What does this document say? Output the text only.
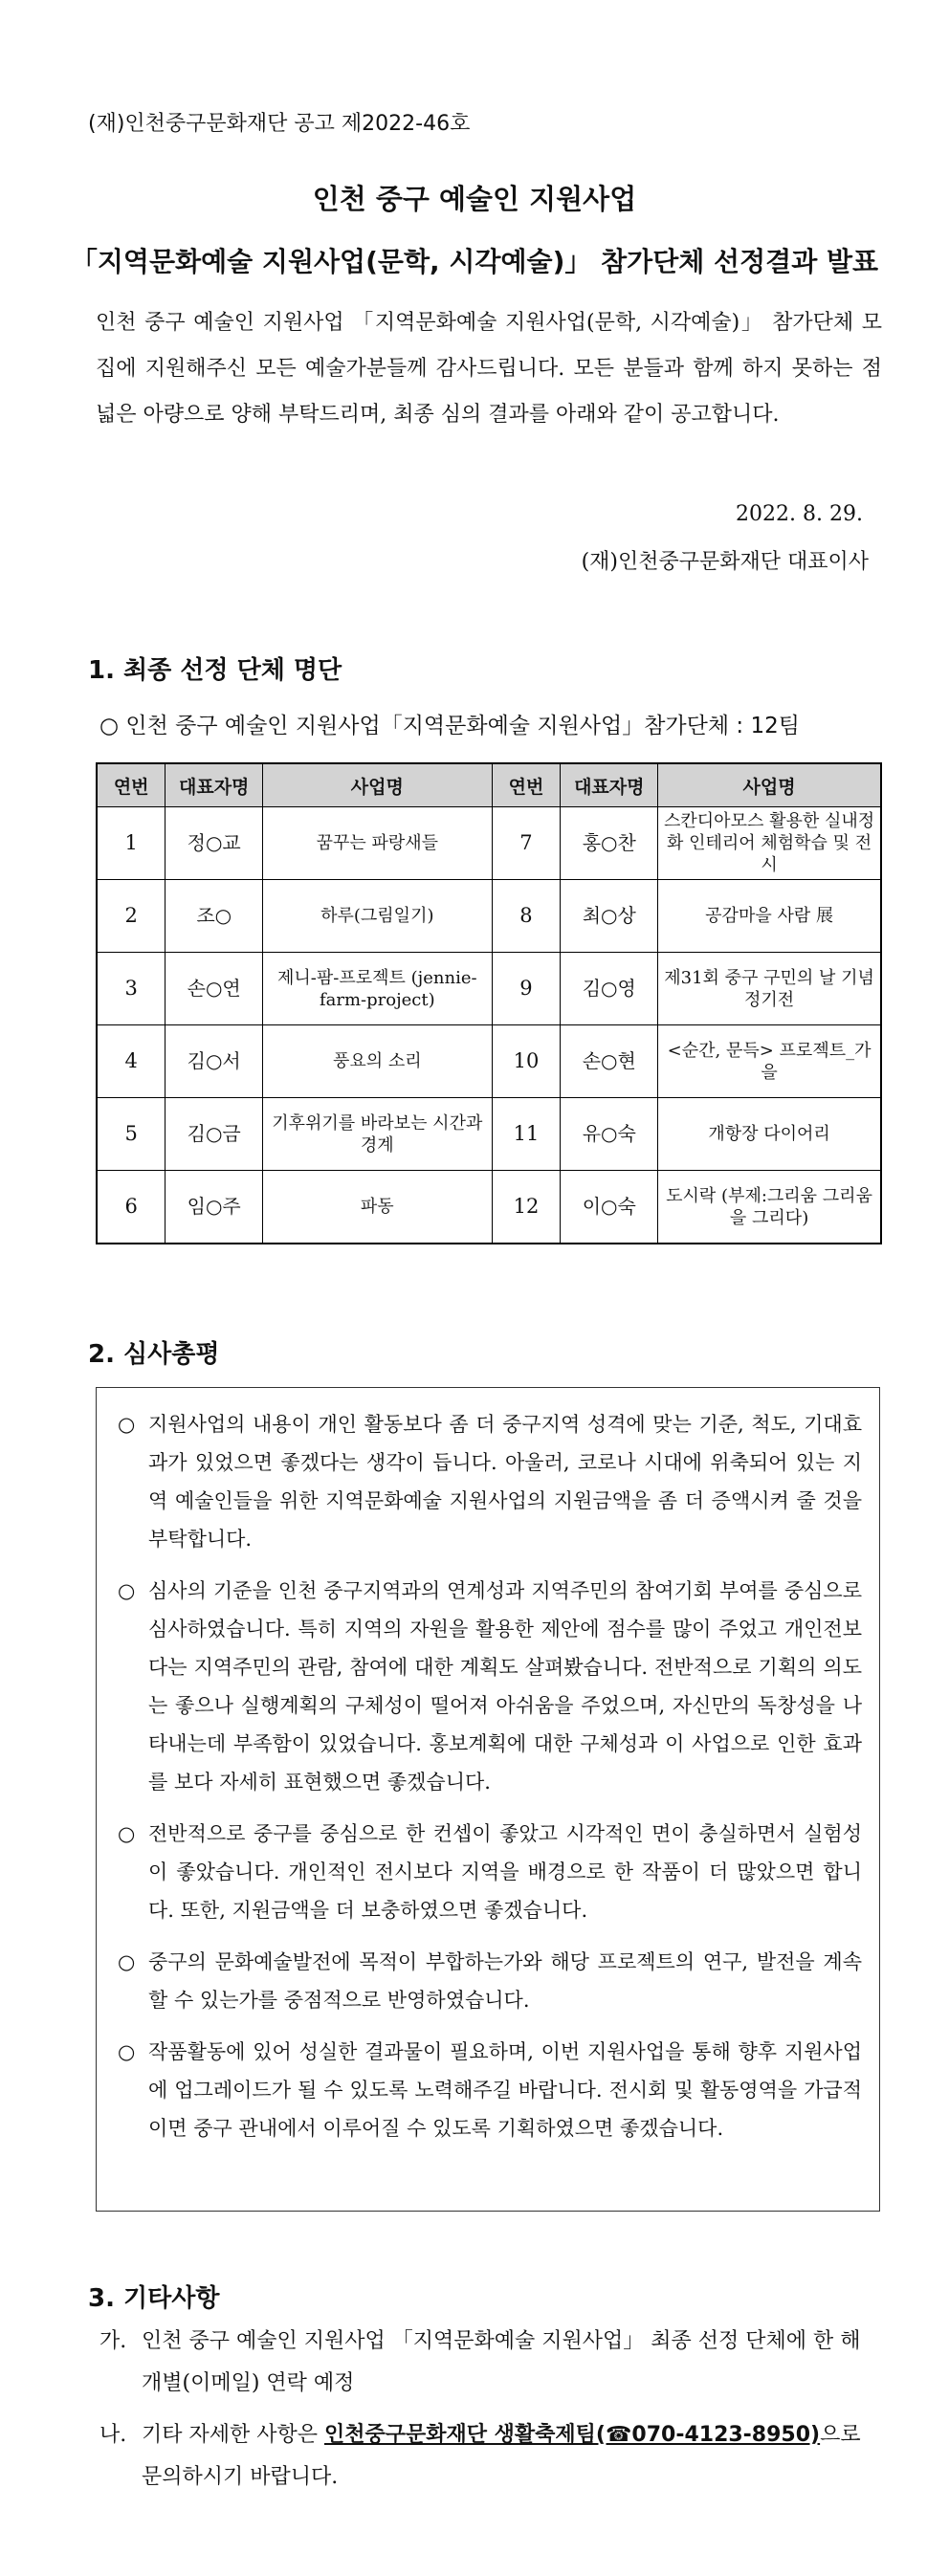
(재)인천중구문화재단 공고 제2022-46호
인천 중구 예술인 지원사업
「지역문화예술 지원사업(문학, 시각예술)」 참가단체 선정결과 발표
인천 중구 예술인 지원사업 「지역문화예술 지원사업(문학, 시각예술)」 참가단체 모집에 지원해주신 모든 예술가분들께 감사드립니다. 모든 분들과 함께 하지 못하는 점 넓은 아량으로 양해 부탁드리며, 최종 심의 결과를 아래와 같이 공고합니다.
2022. 8. 29.
(재)인천중구문화재단 대표이사
1. 최종 선정 단체 명단
○ 인천 중구 예술인 지원사업「지역문화예술 지원사업」참가단체 : 12팀
연번	대표자명	사업명	연번	대표자명	사업명
1	정○교	꿈꾸는 파랑새들	7	홍○찬	스칸디아모스 활용한 실내정화 인테리어 체험학습 및 전시
2	조○	하루(그림일기)	8	최○상	공감마을 사람 展
3	손○연	제니-팜-프로젝트 (jennie-farm-project)	9	김○영	제31회 중구 구민의 날 기념 정기전
4	김○서	풍요의 소리	10	손○현	<순간, 문득> 프로젝트_가을
5	김○금	기후위기를 바라보는 시간과 경계	11	유○숙	개항장 다이어리
6	임○주	파동	12	이○숙	도시락 (부제:그리움 그리움을 그리다)
2. 심사총평
○ 지원사업의 내용이 개인 활동보다 좀 더 중구지역 성격에 맞는 기준, 척도, 기대효과가 있었으면 좋겠다는 생각이 듭니다. 아울러, 코로나 시대에 위축되어 있는 지역 예술인들을 위한 지역문화예술 지원사업의 지원금액을 좀 더 증액시켜 줄 것을 부탁합니다.
○ 심사의 기준을 인천 중구지역과의 연계성과 지역주민의 참여기회 부여를 중심으로 심사하였습니다. 특히 지역의 자원을 활용한 제안에 점수를 많이 주었고 개인전보다는 지역주민의 관람, 참여에 대한 계획도 살펴봤습니다. 전반적으로 기획의 의도는 좋으나 실행계획의 구체성이 떨어져 아쉬움을 주었으며, 자신만의 독창성을 나타내는데 부족함이 있었습니다. 홍보계획에 대한 구체성과 이 사업으로 인한 효과를 보다 자세히 표현했으면 좋겠습니다.
○ 전반적으로 중구를 중심으로 한 컨셉이 좋았고 시각적인 면이 충실하면서 실험성이 좋았습니다. 개인적인 전시보다 지역을 배경으로 한 작품이 더 많았으면 합니다. 또한, 지원금액을 더 보충하였으면 좋겠습니다.
○ 중구의 문화예술발전에 목적이 부합하는가와 해당 프로젝트의 연구, 발전을 계속할 수 있는가를 중점적으로 반영하였습니다.
○ 작품활동에 있어 성실한 결과물이 필요하며, 이번 지원사업을 통해 향후 지원사업에 업그레이드가 될 수 있도록 노력해주길 바랍니다. 전시회 및 활동영역을 가급적이면 중구 관내에서 이루어질 수 있도록 기획하였으면 좋겠습니다.
3. 기타사항
가. 인천 중구 예술인 지원사업 「지역문화예술 지원사업」 최종 선정 단체에 한 해 개별(이메일) 연락 예정
나. 기타 자세한 사항은 인천중구문화재단 생활축제팀(☎070-4123-8950)으로 문의하시기 바랍니다.
